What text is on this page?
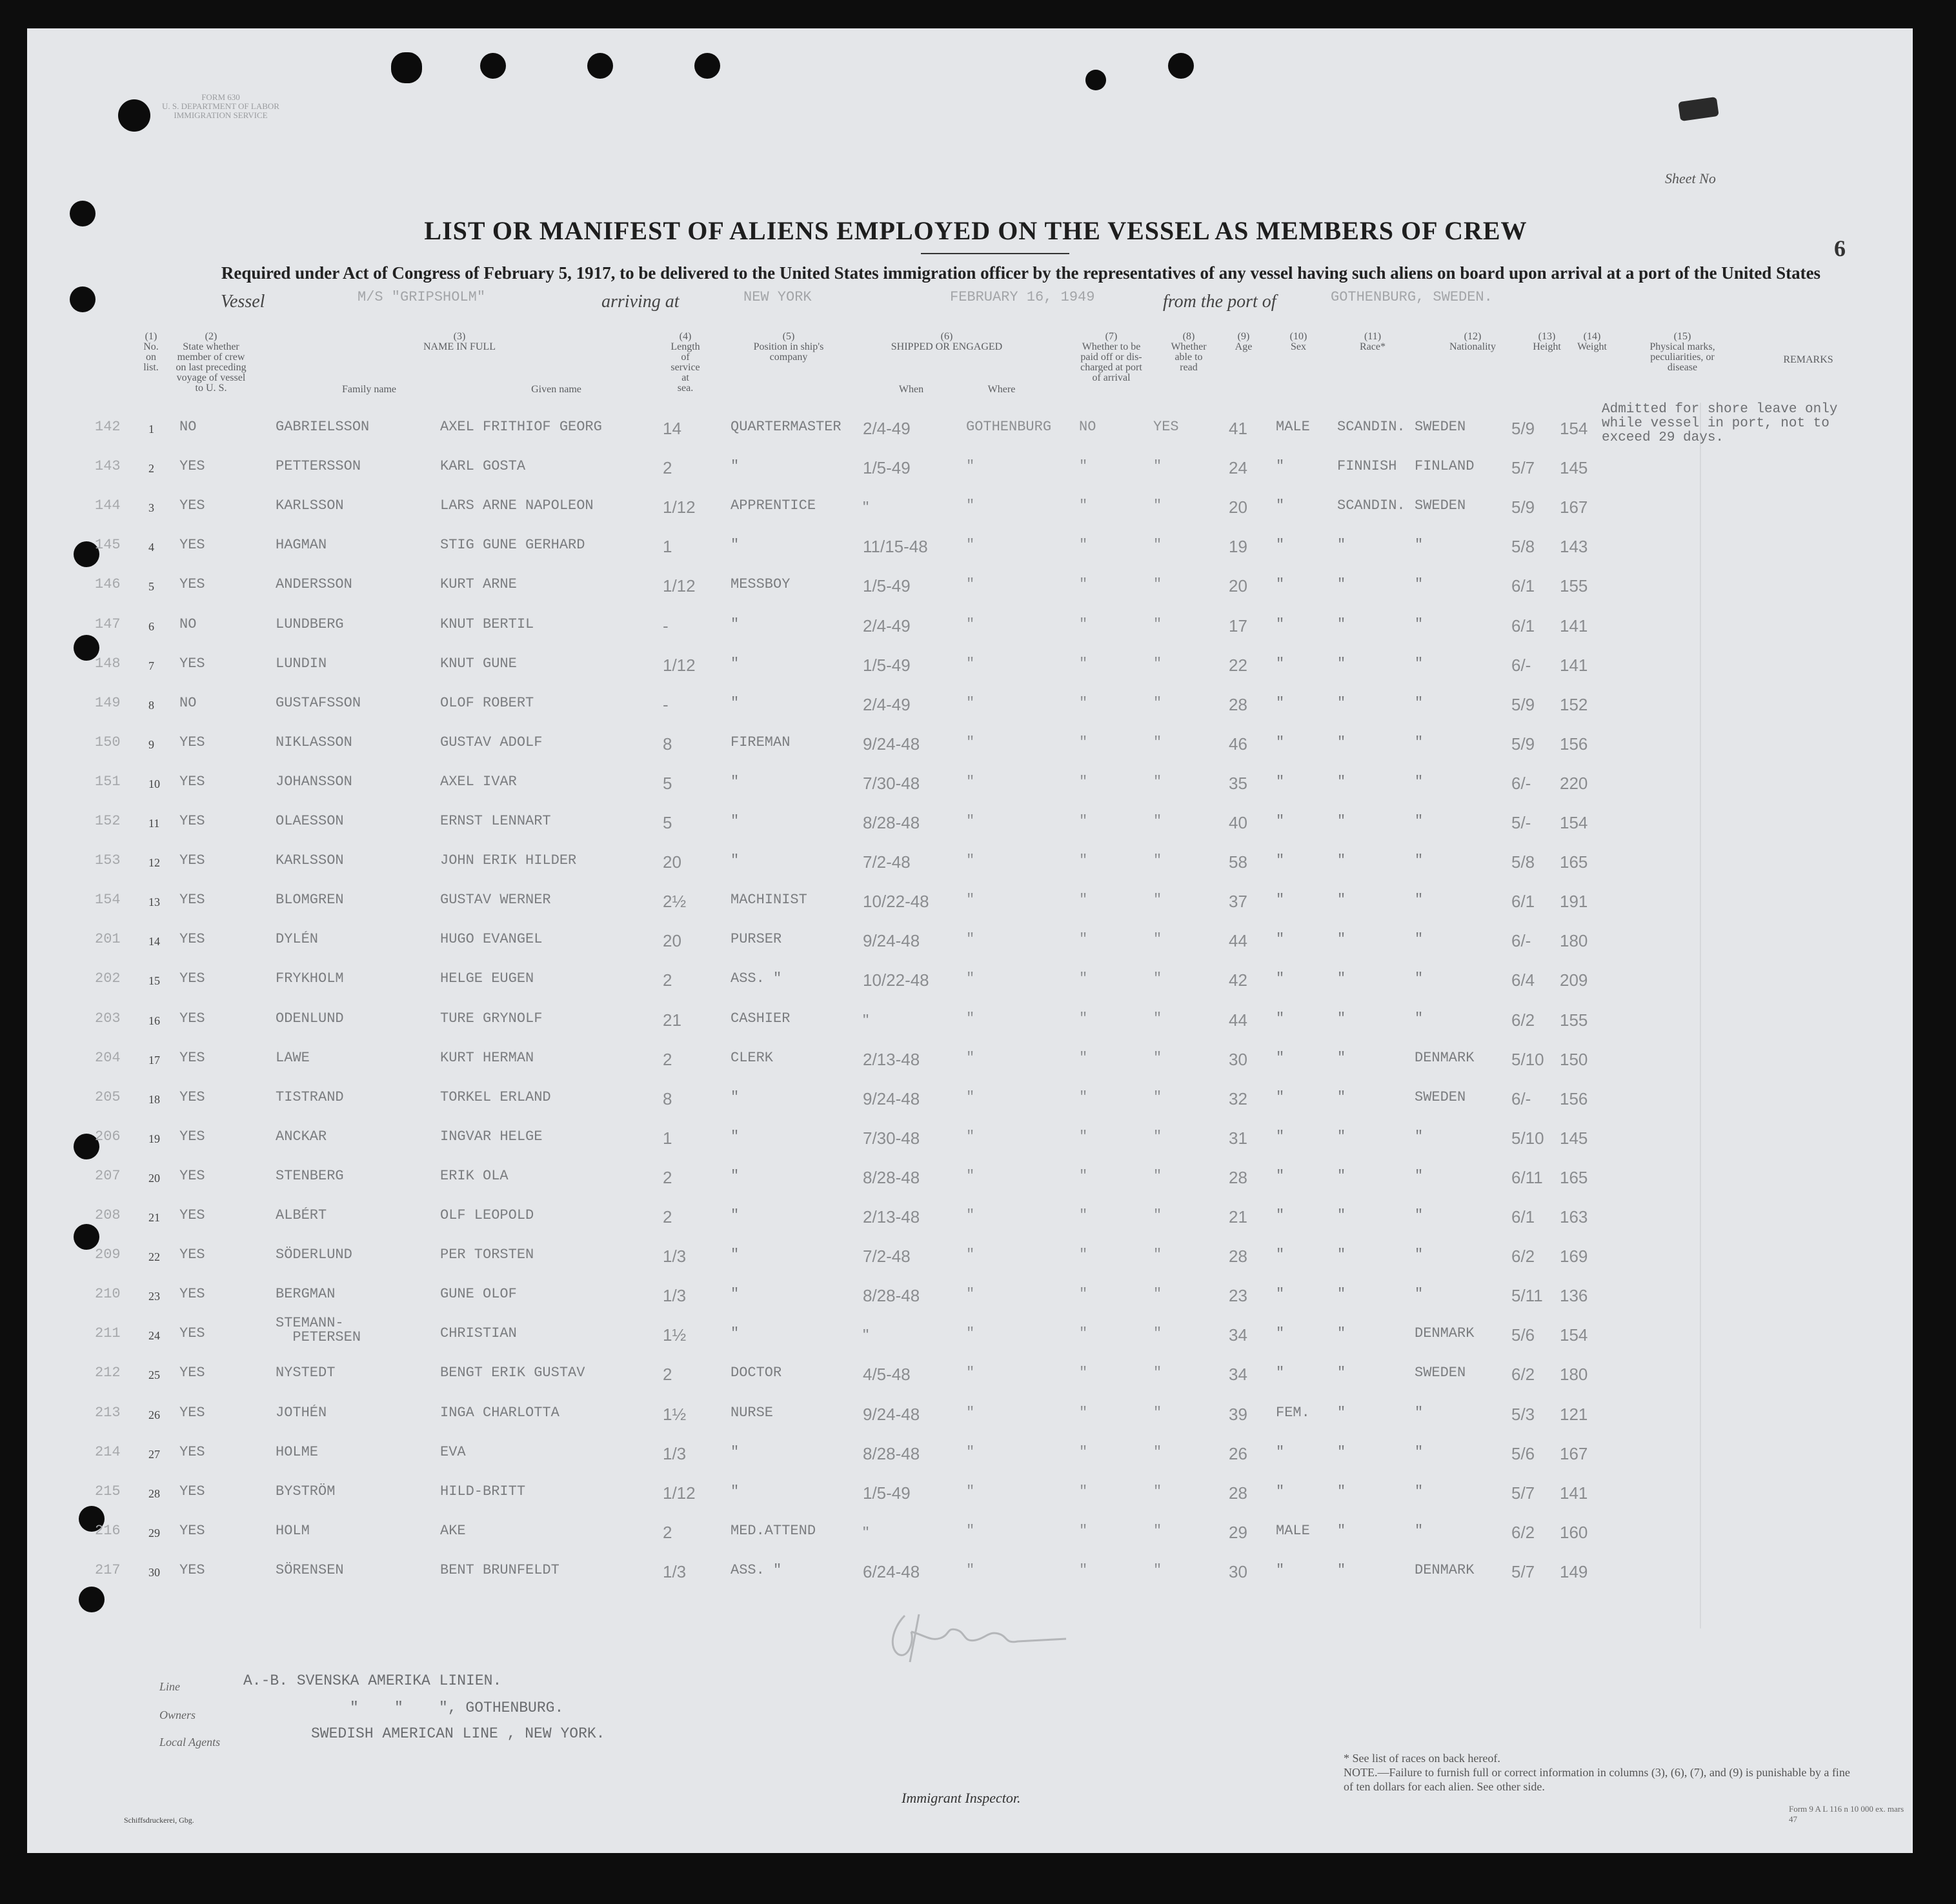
FORM 630
U. S. DEPARTMENT OF LABOR
IMMIGRATION SERVICE
Sheet No
6
LIST OR MANIFEST OF ALIENS EMPLOYED ON THE VESSEL AS MEMBERS OF CREW
Required under Act of Congress of February 5, 1917, to be delivered to the United States immigration officer by the representatives of any vessel having such aliens on board upon arrival at a port of the United States
Vessel	M/S "GRIPSHOLM"	arriving at	NEW YORK	FEBRUARY 16, 1949	from the port of	GOTHENBURG, SWEDEN.
(1)
No.
on
list.
(2)
State whether
member of crew
on last preceding
voyage of vessel
to U. S.
(3)
NAME IN FULL
Family name	Given name
(4)
Length
of
service
at
sea.
(5)
Position in ship's
company
(6)
SHIPPED OR ENGAGED
When	Where
(7)
Whether to be
paid off or dis-
charged at port
of arrival
(8)
Whether
able to
read
(9)
Age
(10)
Sex
(11)
Race*
(12)
Nationality
(13)
Height
(14)
Weight
(15)
Physical marks,
peculiarities, or
disease
REMARKS
142	1	NO	GABRIELSSON	AXEL FRITHIOF GEORG	14	QUARTERMASTER	2/4-49	GOTHENBURG	NO	YES	41	MALE	SCANDIN. SWEDEN	5/9	154
143	2	YES	PETTERSSON	KARL GOSTA	2	"	1/5-49	"	"	"	24	"	FINNISH	FINLAND	5/7	145
144	3	YES	KARLSSON	LARS ARNE NAPOLEON	1/12	APPRENTICE	"	"	"	"	20	"	SCANDIN. SWEDEN	5/9	167
145	4	YES	HAGMAN	STIG GUNE GERHARD	1	"	11/15-48	"	"	"	19	"	"	"	5/8	143
146	5	YES	ANDERSSON	KURT ARNE	1/12	MESSBOY	1/5-49	"	"	"	20	"	"	"	6/1	155
147	6	NO	LUNDBERG	KNUT BERTIL	-	"	2/4-49	"	"	"	17	"	"	"	6/1	141
148	7	YES	LUNDIN	KNUT GUNE	1/12	"	1/5-49	"	"	"	22	"	"	"	6/-	141
149	8	NO	GUSTAFSSON	OLOF ROBERT	-	"	2/4-49	"	"	"	28	"	"	"	5/9	152
150	9	YES	NIKLASSON	GUSTAV ADOLF	8	FIREMAN	9/24-48	"	"	"	46	"	"	"	5/9	156
151	10	YES	JOHANSSON	AXEL IVAR	5	"	7/30-48	"	"	"	35	"	"	"	6/-	220
152	11	YES	OLAESSON	ERNST LENNART	5	"	8/28-48	"	"	"	40	"	"	"	5/-	154
153	12	YES	KARLSSON	JOHN ERIK HILDER	20	"	7/2-48	"	"	"	58	"	"	"	5/8	165
154	13	YES	BLOMGREN	GUSTAV WERNER	2½	MACHINIST	10/22-48	"	"	"	37	"	"	"	6/1	191
201	14	YES	DYLÉN	HUGO EVANGEL	20	PURSER	9/24-48	"	"	"	44	"	"	"	6/-	180
202	15	YES	FRYKHOLM	HELGE EUGEN	2	ASS. "	10/22-48	"	"	"	42	"	"	"	6/4	209
203	16	YES	ODENLUND	TURE GRYNOLF	21	CASHIER	"	"	"	"	44	"	"	"	6/2	155
204	17	YES	LAWE	KURT HERMAN	2	CLERK	2/13-48	"	"	"	30	"	"	DENMARK	5/10 150
205	18	YES	TISTRAND	TORKEL ERLAND	8	"	9/24-48	"	"	"	32	"	"	SWEDEN	6/-	156
206	19	YES	ANCKAR	INGVAR HELGE	1	"	7/30-48	"	"	"	31	"	"	"	5/10 145
207	20	YES	STENBERG	ERIK OLA	2	"	8/28-48	"	"	"	28	"	"	"	6/11	165
208	21	YES	ALBÉRT	OLF LEOPOLD	2	"	2/13-48	"	"	"	21	"	"	"	6/1	163
209	22	YES	SÖDERLUND	PER TORSTEN	1/3	"	7/2-48	"	"	"	28	"	"	"	6/2	169
210	23	YES	BERGMAN	GUNE OLOF	1/3	"	8/28-48	"	"	"	23	"	"	"	5/11	136
211	24	YES
STEMANN-
PETERSEN	CHRISTIAN	1½	"	"	"	"	"	34	"	"	DENMARK	5/6	154
212	25	YES	NYSTEDT	BENGT ERIK GUSTAV	2	DOCTOR	4/5-48	"	"	"	34	"	"	SWEDEN	6/2	180
213	26	YES	JOTHÉN	INGA CHARLOTTA	1½	NURSE	9/24-48	"	"	"	39	FEM.	"	"	5/3	121
214	27	YES	HOLME	EVA	1/3	"	8/28-48	"	"	"	26	"	"	"	5/6	167
215	28	YES	BYSTRÖM	HILD-BRITT	1/12	"	1/5-49	"	"	"	28	"	"	"	5/7	141
216	29	YES	HOLM	AKE	2	MED.ATTEND	"	"	"	"	29	MALE	"	"	6/2	160
217	30	YES	SÖRENSEN	BENT BRUNFELDT	1/3	ASS. "	6/24-48	"	"	"	30	"	"	DENMARK	5/7	149
Admitted for shore leave only while vessel in port, not to exceed 29 days.
Line	A.-B. SVENSKA AMERIKA LINIEN.
Owners	"    "    ", GOTHENBURG.
Local Agents	SWEDISH AMERICAN LINE , NEW YORK.
Immigrant Inspector.
* See list of races on back hereof.
NOTE.—Failure to furnish full or correct information in columns (3), (6), (7), and (9) is punishable by a fine of ten dollars for each alien. See other side.
Schiffsdruckerei, Gbg.
Form 9 A L 116 n 10 000 ex. mars 47
